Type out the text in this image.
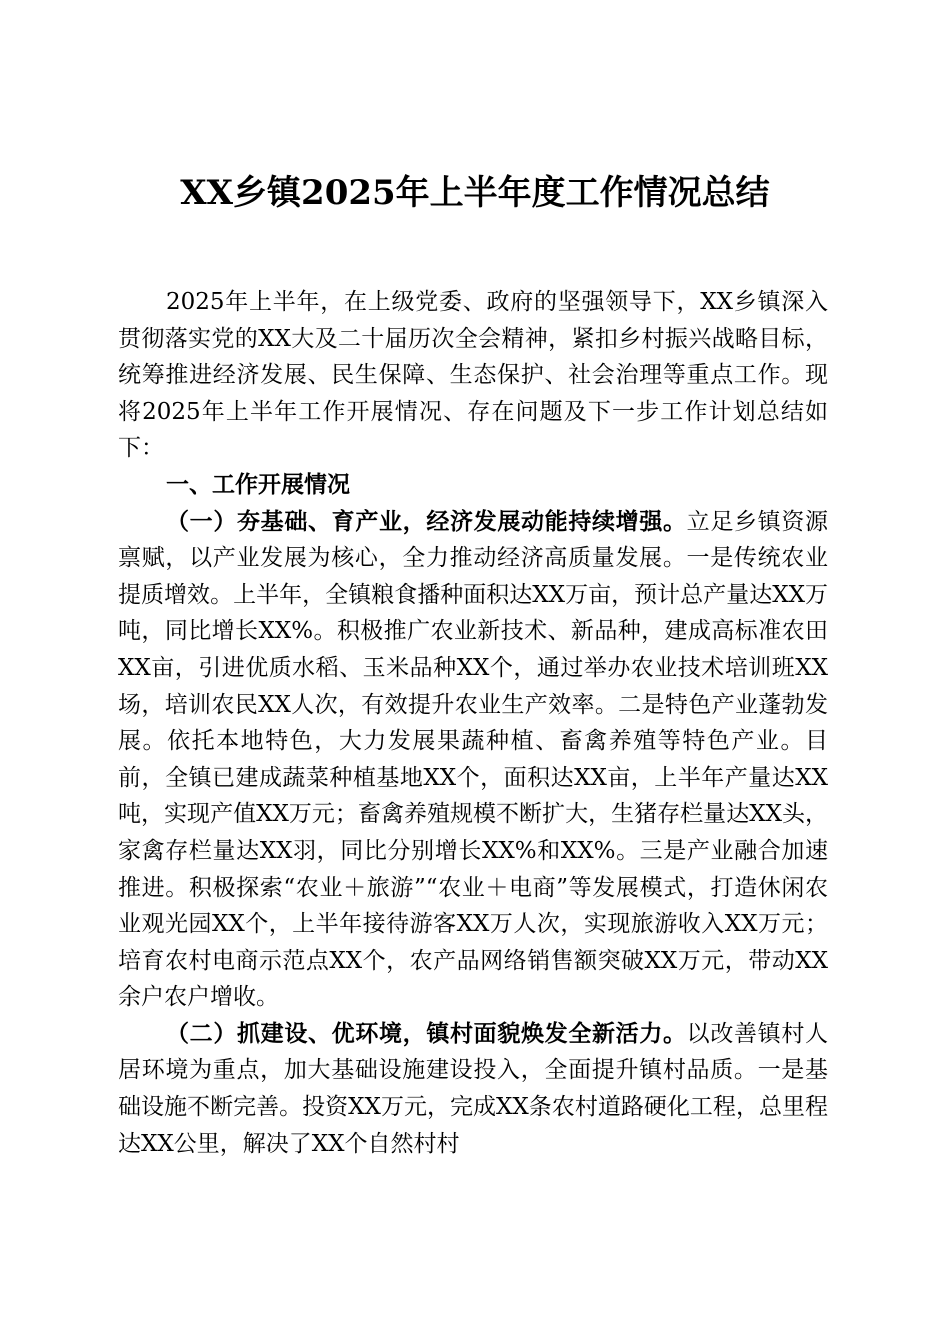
XX乡镇2025年上半年度工作情况总结

2025年上半年，在上级党委、政府的坚强领导下，XX乡镇深入贯彻落实党的XX大及二十届历次全会精神，紧扣乡村振兴战略目标，统筹推进经济发展、民生保障、生态保护、社会治理等重点工作。现将2025年上半年工作开展情况、存在问题及下一步工作计划总结如下：

一、工作开展情况

（一）夯基础、育产业，经济发展动能持续增强。立足乡镇资源禀赋，以产业发展为核心，全力推动经济高质量发展。一是传统农业提质增效。上半年，全镇粮食播种面积达XX万亩，预计总产量达XX万吨，同比增长XX%。积极推广农业新技术、新品种，建成高标准农田XX亩，引进优质水稻、玉米品种XX个，通过举办农业技术培训班XX场，培训农民XX人次，有效提升农业生产效率。二是特色产业蓬勃发展。依托本地特色，大力发展果蔬种植、畜禽养殖等特色产业。目前，全镇已建成蔬菜种植基地XX个，面积达XX亩，上半年产量达XX吨，实现产值XX万元；畜禽养殖规模不断扩大，生猪存栏量达XX头，家禽存栏量达XX羽，同比分别增长XX%和XX%。三是产业融合加速推进。积极探索“农业＋旅游”“农业＋电商”等发展模式，打造休闲农业观光园XX个，上半年接待游客XX万人次，实现旅游收入XX万元；培育农村电商示范点XX个，农产品网络销售额突破XX万元，带动XX余户农户增收。

（二）抓建设、优环境，镇村面貌焕发全新活力。以改善镇村人居环境为重点，加大基础设施建设投入，全面提升镇村品质。一是基础设施不断完善。投资XX万元，完成XX条农村道路硬化工程，总里程达XX公里，解决了XX个自然村村
